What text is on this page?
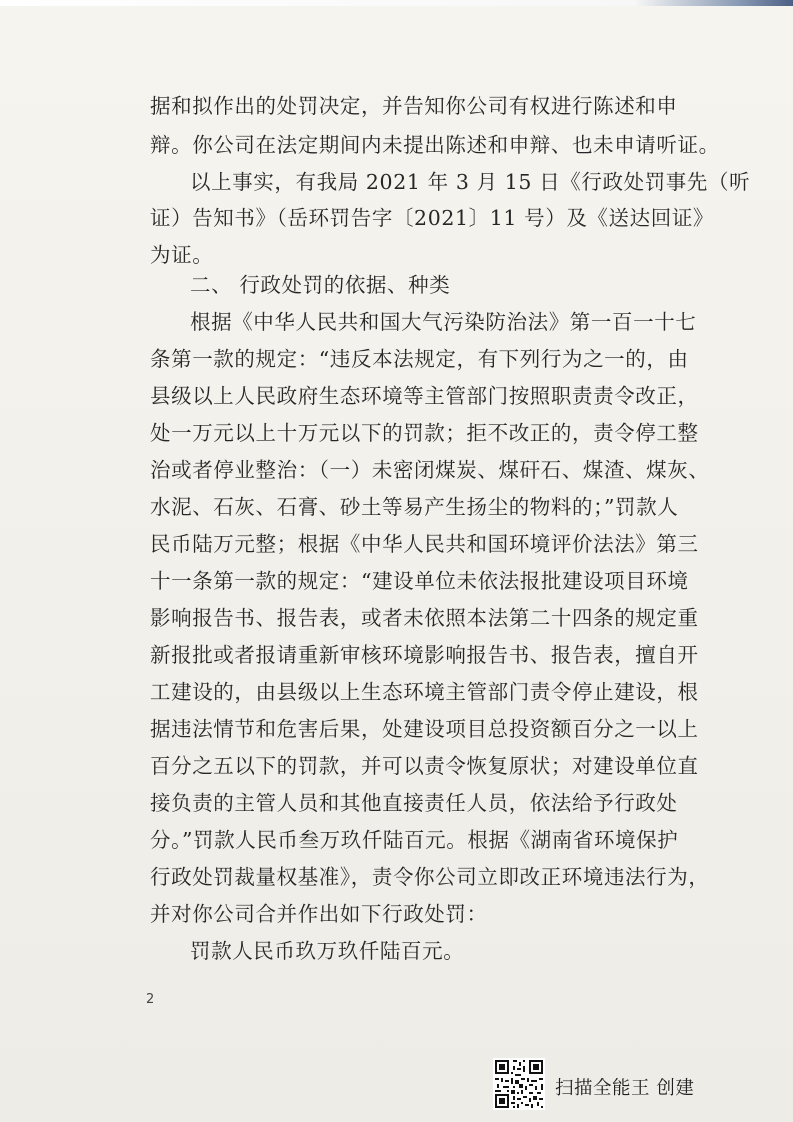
据和拟作出的处罚决定，并告知你公司有权进行陈述和申
辩。你公司在法定期间内未提出陈述和申辩、也未申请听证。
以上事实，有我局 2021 年 3 月 15 日《行政处罚事先（听
证）告知书》（岳环罚告字〔2021〕11 号）及《送达回证》
为证。
二、 行政处罚的依据、种类
根据《中华人民共和国大气污染防治法》第一百一十七
条第一款的规定：“违反本法规定，有下列行为之一的，由
县级以上人民政府生态环境等主管部门按照职责责令改正，
处一万元以上十万元以下的罚款；拒不改正的，责令停工整
治或者停业整治：（一）未密闭煤炭、煤矸石、煤渣、煤灰、
水泥、石灰、石膏、砂土等易产生扬尘的物料的；”罚款人
民币陆万元整；根据《中华人民共和国环境评价法法》第三
十一条第一款的规定：“建设单位未依法报批建设项目环境
影响报告书、报告表，或者未依照本法第二十四条的规定重
新报批或者报请重新审核环境影响报告书、报告表，擅自开
工建设的，由县级以上生态环境主管部门责令停止建设，根
据违法情节和危害后果，处建设项目总投资额百分之一以上
百分之五以下的罚款，并可以责令恢复原状；对建设单位直
接负责的主管人员和其他直接责任人员，依法给予行政处
分。”罚款人民币叁万玖仟陆百元。根据《湖南省环境保护
行政处罚裁量权基准》，责令你公司立即改正环境违法行为，
并对你公司合并作出如下行政处罚：
罚款人民币玖万玖仟陆百元。
2
扫描全能王 创建
